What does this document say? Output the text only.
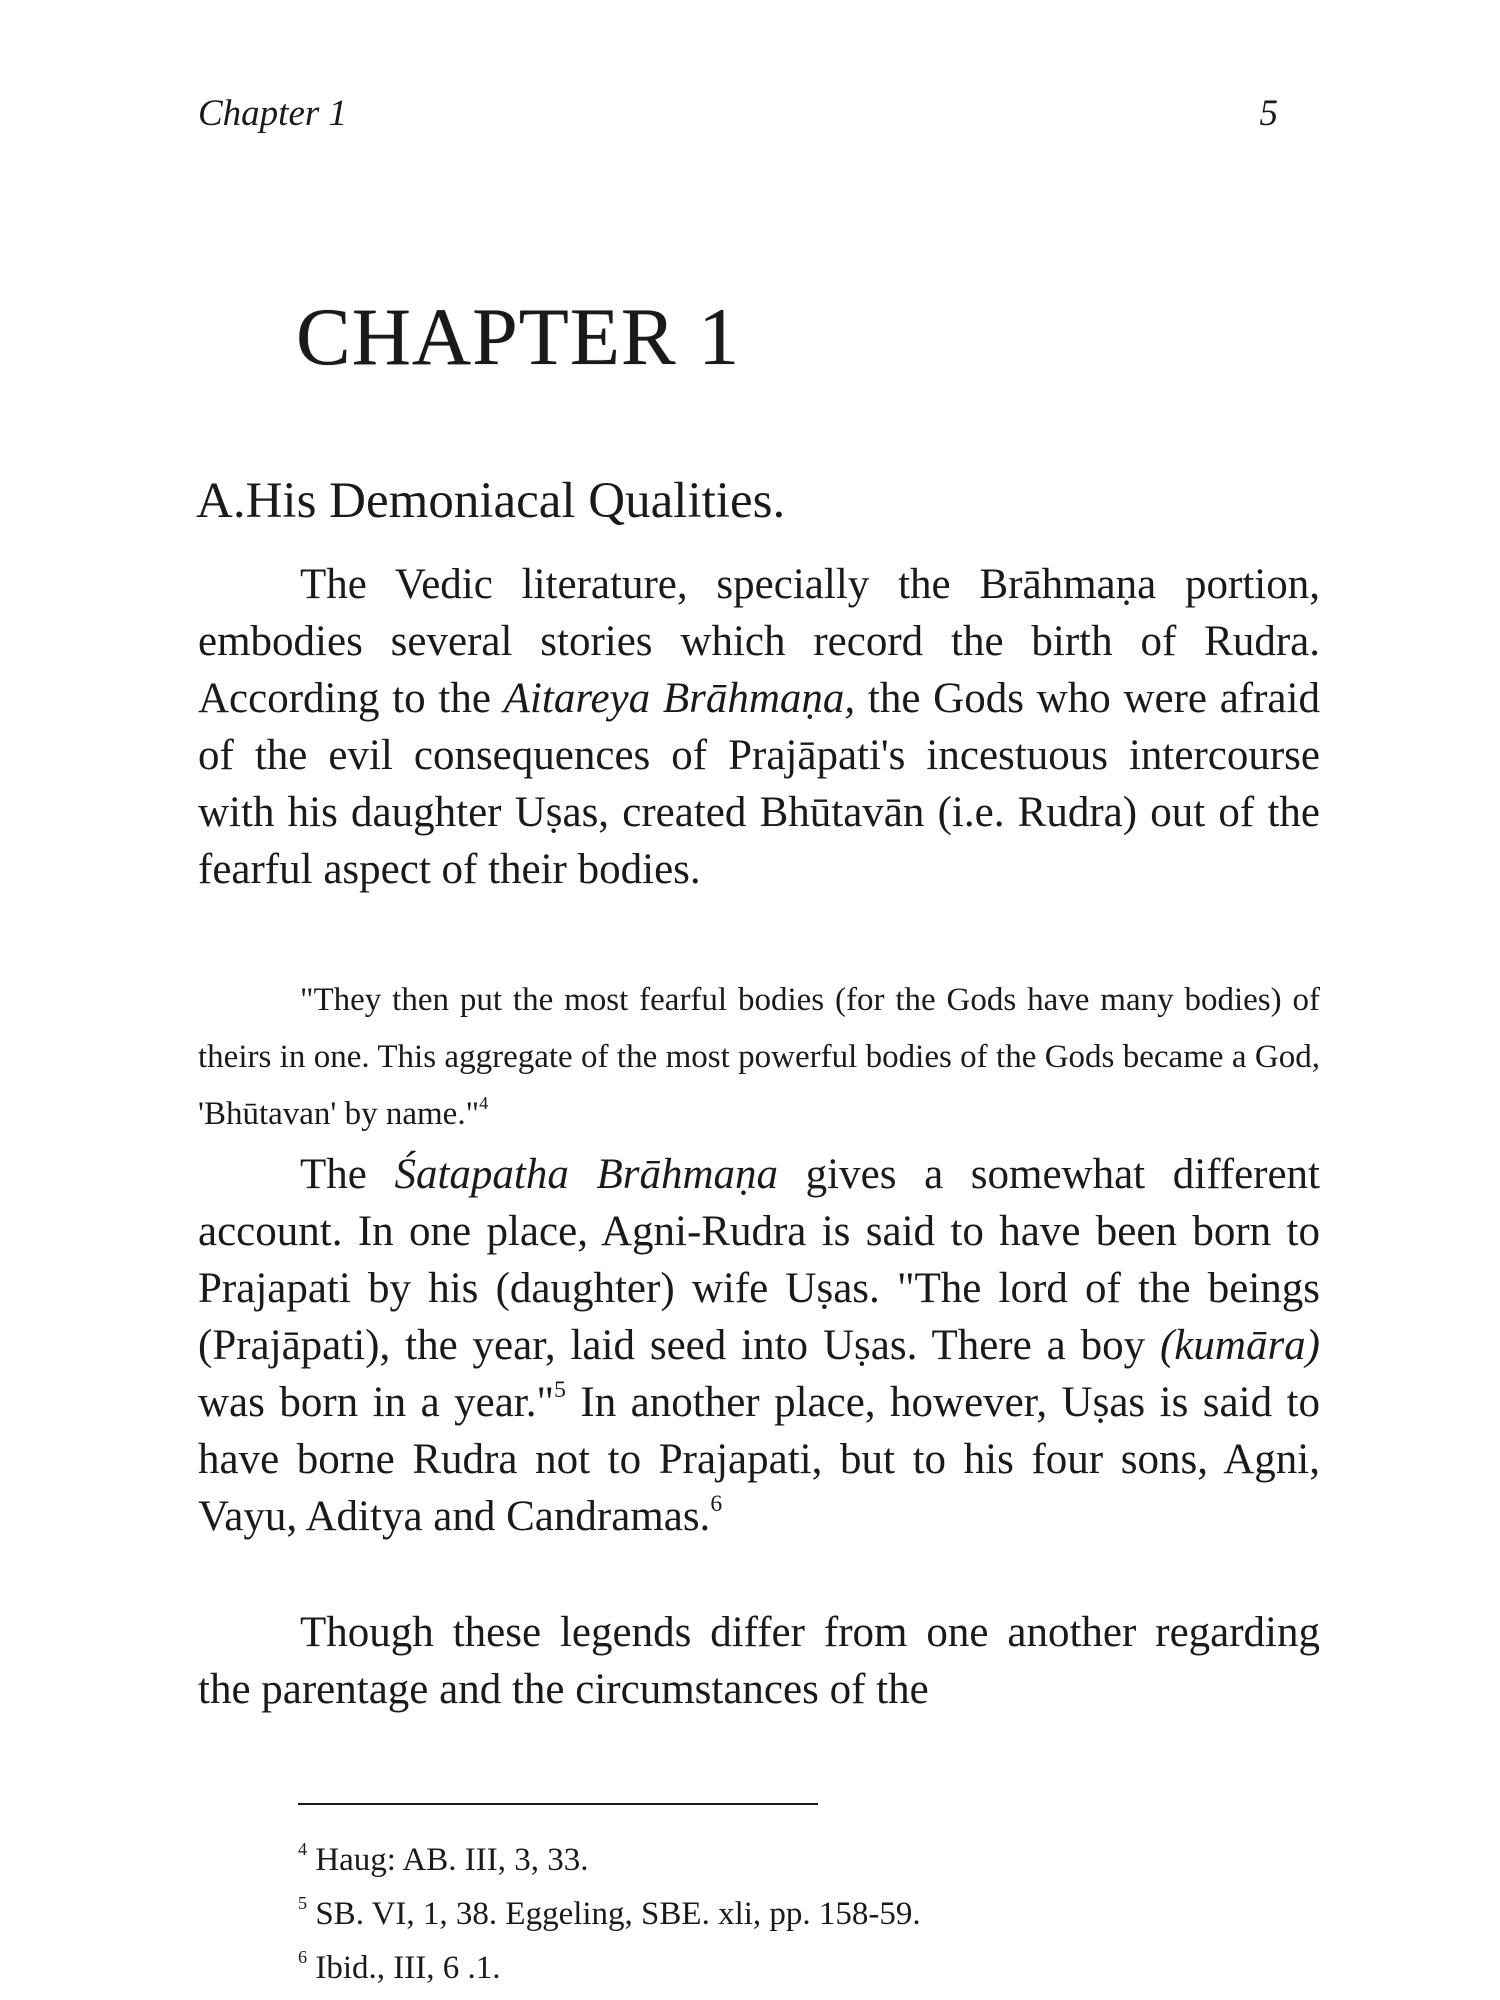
Chapter 1	5
CHAPTER 1
A.His Demoniacal Qualities.

The Vedic literature, specially the Brāhmaṇa portion, embodies several stories which record the birth of Rudra. According to the Aitareya Brāhmaṇa, the Gods who were afraid of the evil consequences of Prajāpati's incestuous intercourse with his daughter Uṣas, created Bhūtavān (i.e. Rudra) out of the fearful aspect of their bodies.

"They then put the most fearful bodies (for the Gods have many bodies) of theirs in one. This aggregate of the most powerful bodies of the Gods became a God, 'Bhūtavan' by name."$^4$

The Śatapatha Brāhmaṇa gives a somewhat different account. In one place, Agni-Rudra is said to have been born to Prajapati by his (daughter) wife Uṣas. "The lord of the beings (Prajāpati), the year, laid seed into Uṣas. There a boy (kumāra) was born in a year."$^5$ In another place, however, Uṣas is said to have borne Rudra not to Prajapati, but to his four sons, Agni, Vayu, Aditya and Candramas.$^6$

Though these legends differ from one another regarding the parentage and the circumstances of the

$^4$ Haug: AB. III, 3, 33.
$^5$ SB. VI, 1, 38. Eggeling, SBE. xli, pp. 158-59.
$^6$ Ibid., III, 6 .1.
